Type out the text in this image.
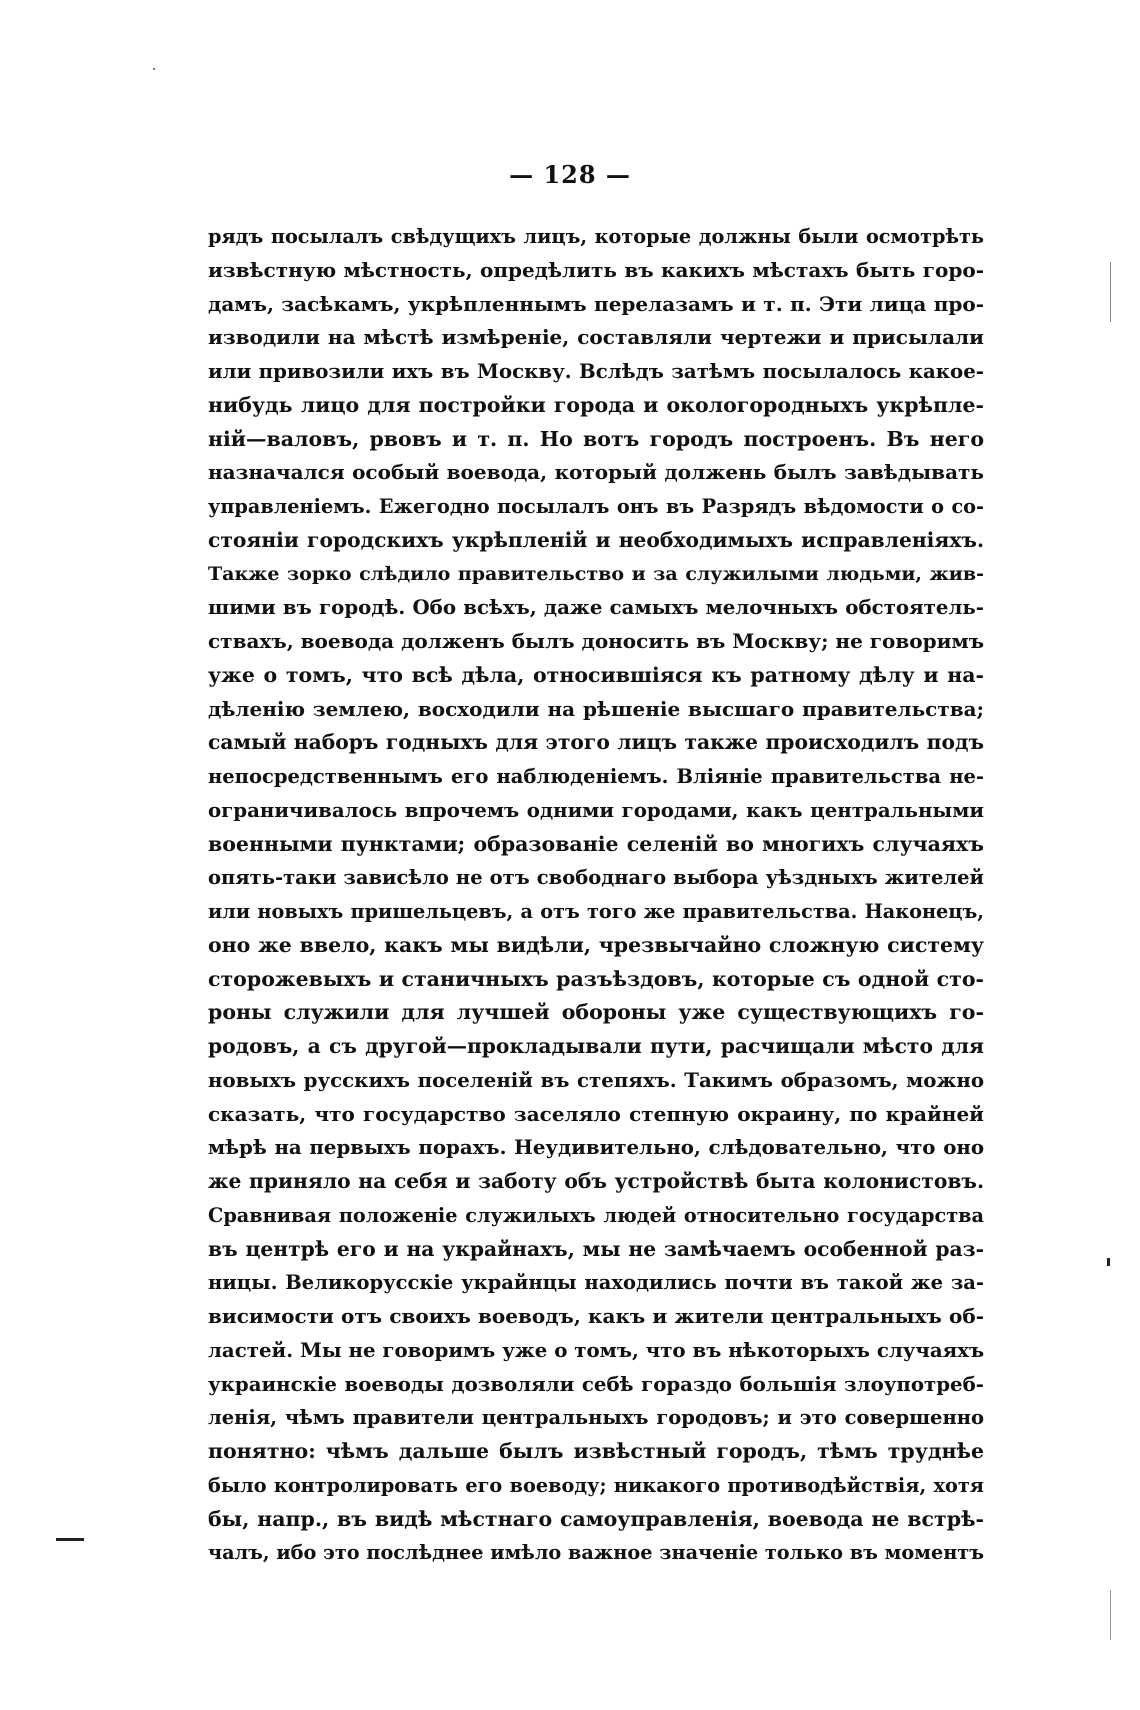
— 128 —
рядъ посылалъ свѣдущихъ лицъ, которые должны были осмотрѣть
извѣстную мѣстность, опредѣлить въ какихъ мѣстахъ быть горо-
дамъ, засѣкамъ, укрѣпленнымъ перелазамъ и т. п. Эти лица про-
изводили на мѣстѣ измѣреніе, составляли чертежи и присылали
или привозили ихъ въ Москву. Вслѣдъ затѣмъ посылалось какое-
нибудь лицо для постройки города и окологородныхъ укрѣпле-
ній—валовъ, рвовъ и т. п. Но вотъ городъ построенъ. Въ него
назначался особый воевода, который должень былъ завѣдывать
управленіемъ. Ежегодно посылалъ онъ въ Разрядъ вѣдомости о со-
стояніи городскихъ укрѣпленій и необходимыхъ исправленіяхъ.
Также зорко слѣдило правительство и за служилыми людьми, жив-
шими въ городѣ. Обо всѣхъ, даже самыхъ мелочныхъ обстоятель-
ствахъ, воевода долженъ былъ доносить въ Москву; не говоримъ
уже о томъ, что всѣ дѣла, относившіяся къ ратному дѣлу и на-
дѣленію землею, восходили на рѣшеніе высшаго правительства;
самый наборъ годныхъ для этого лицъ также происходилъ подъ
непосредственнымъ его наблюденіемъ. Вліяніе правительства не-
ограничивалось впрочемъ одними городами, какъ центральными
военными пунктами; образованіе селеній во многихъ случаяхъ
опять-таки зависѣло не отъ свободнаго выбора уѣздныхъ жителей
или новыхъ пришельцевъ, а отъ того же правительства. Наконецъ,
оно же ввело, какъ мы видѣли, чрезвычайно сложную систему
сторожевыхъ и станичныхъ разъѣздовъ, которые съ одной сто-
роны служили для лучшей обороны уже существующихъ го-
родовъ, а съ другой—прокладывали пути, расчищали мѣсто для
новыхъ русскихъ поселеній въ степяхъ. Такимъ образомъ, можно
сказать, что государство заселяло степную окраину, по крайней
мѣрѣ на первыхъ порахъ. Неудивительно, слѣдовательно, что оно
же приняло на себя и заботу объ устройствѣ быта колонистовъ.
Сравнивая положеніе служилыхъ людей относительно государства
въ центрѣ его и на украйнахъ, мы не замѣчаемъ особенной раз-
ницы. Великорусскіе украйнцы находились почти въ такой же за-
висимости отъ своихъ воеводъ, какъ и жители центральныхъ об-
ластей. Мы не говоримъ уже о томъ, что въ нѣкоторыхъ случаяхъ
украинскіе воеводы дозволяли себѣ гораздо большія злоупотреб-
ленія, чѣмъ правители центральныхъ городовъ; и это совершенно
понятно: чѣмъ дальше былъ извѣстный городъ, тѣмъ труднѣе
было контролировать его воеводу; никакого противодѣйствія, хотя
бы, напр., въ видѣ мѣстнаго самоуправленія, воевода не встрѣ-
чалъ, ибо это послѣднее имѣло важное значеніе только въ моментъ
